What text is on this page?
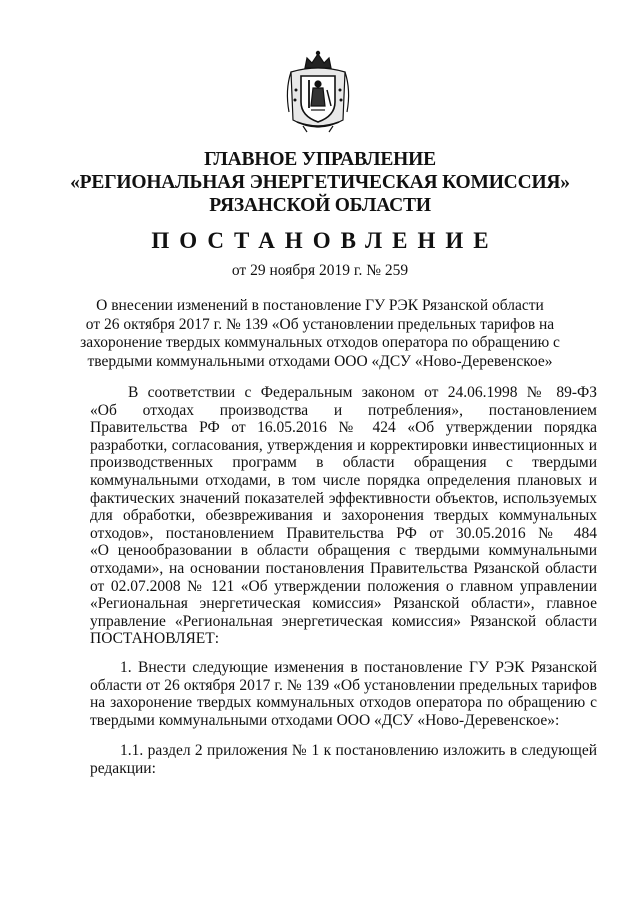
ГЛАВНОЕ УПРАВЛЕНИЕ
«РЕГИОНАЛЬНАЯ ЭНЕРГЕТИЧЕСКАЯ КОМИССИЯ»
РЯЗАНСКОЙ ОБЛАСТИ
ПОСТАНОВЛЕНИЕ
от 29 ноября 2019 г. № 259
О внесении изменений в постановление ГУ РЭК Рязанской области
от 26 октября 2017 г. № 139 «Об установлении предельных тарифов на
захоронение твердых коммунальных отходов оператора по обращению с
твердыми коммунальными отходами ООО «ДСУ «Ново-Деревенское»
В соответствии с Федеральным законом от 24.06.1998 № 89-ФЗ
«Об отходах производства и потребления», постановлением
Правительства РФ от 16.05.2016 № 424 «Об утверждении порядка
разработки, согласования, утверждения и корректировки инвестиционных и
производственных программ в области обращения с твердыми
коммунальными отходами, в том числе порядка определения плановых и
фактических значений показателей эффективности объектов, используемых
для обработки, обезвреживания и захоронения твердых коммунальных
отходов», постановлением Правительства РФ от 30.05.2016 № 484
«О ценообразовании в области обращения с твердыми коммунальными
отходами», на основании постановления Правительства Рязанской области
от 02.07.2008 № 121 «Об утверждении положения о главном управлении
«Региональная энергетическая комиссия» Рязанской области», главное
управление «Региональная энергетическая комиссия» Рязанской области
ПОСТАНОВЛЯЕТ:
1. Внести следующие изменения в постановление ГУ РЭК Рязанской
области от 26 октября 2017 г. № 139 «Об установлении предельных тарифов
на захоронение твердых коммунальных отходов оператора по обращению с
твердыми коммунальными отходами ООО «ДСУ «Ново-Деревенское»:
1.1. раздел 2 приложения № 1 к постановлению изложить в следующей
редакции:
